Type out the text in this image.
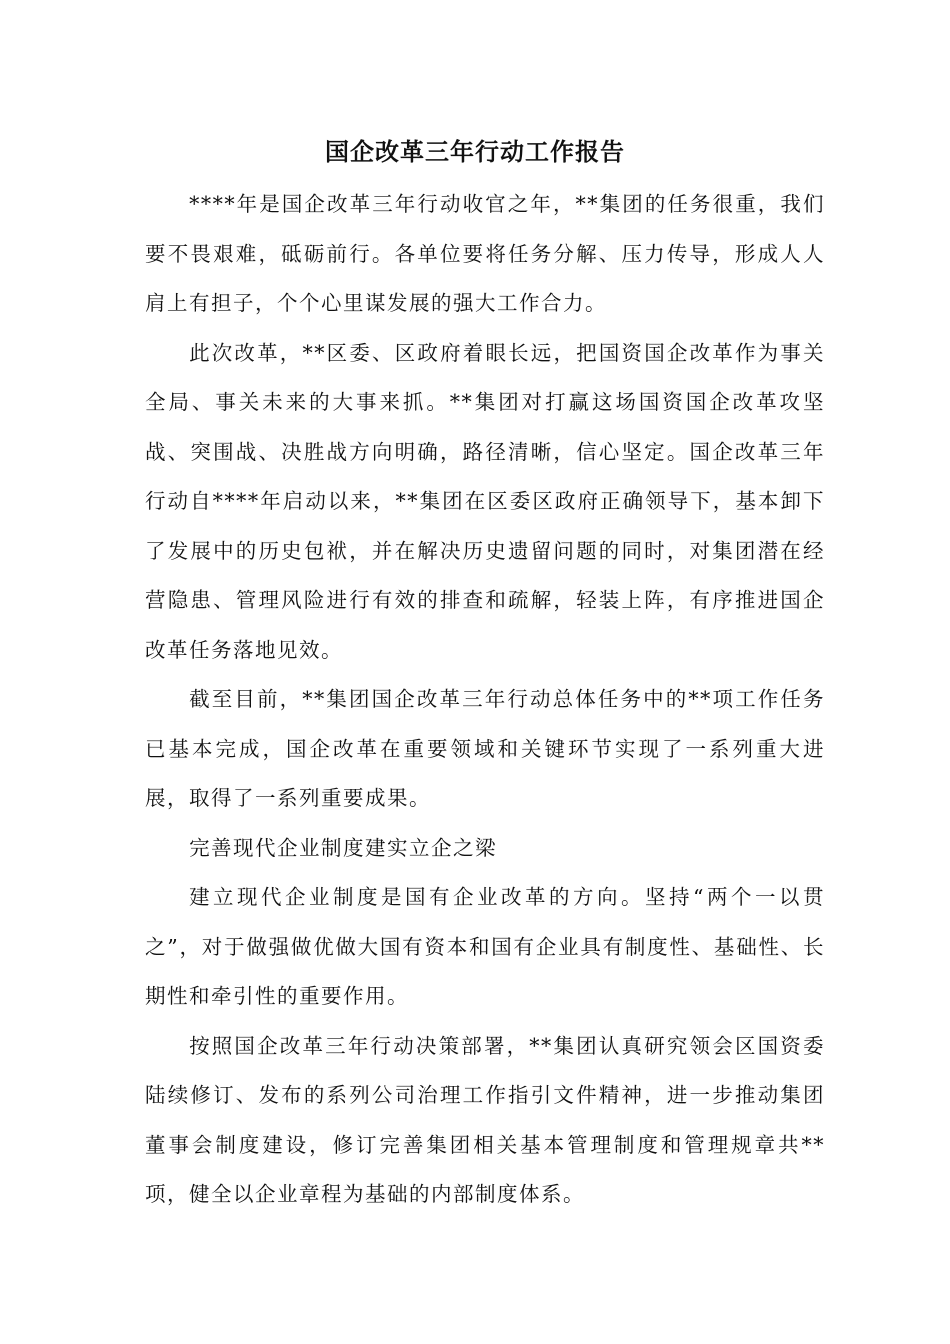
国企改革三年行动工作报告

****年是国企改革三年行动收官之年，**集团的任务很重，我们要不畏艰难，砥砺前行。各单位要将任务分解、压力传导，形成人人肩上有担子，个个心里谋发展的强大工作合力。

此次改革，**区委、区政府着眼长远，把国资国企改革作为事关全局、事关未来的大事来抓。**集团对打赢这场国资国企改革攻坚战、突围战、决胜战方向明确，路径清晰，信心坚定。国企改革三年行动自****年启动以来，**集团在区委区政府正确领导下，基本卸下了发展中的历史包袱，并在解决历史遗留问题的同时，对集团潜在经营隐患、管理风险进行有效的排查和疏解，轻装上阵，有序推进国企改革任务落地见效。

截至目前，**集团国企改革三年行动总体任务中的**项工作任务已基本完成，国企改革在重要领域和关键环节实现了一系列重大进展，取得了一系列重要成果。

完善现代企业制度建实立企之梁

建立现代企业制度是国有企业改革的方向。坚持“两个一以贯之”，对于做强做优做大国有资本和国有企业具有制度性、基础性、长期性和牵引性的重要作用。

按照国企改革三年行动决策部署，**集团认真研究领会区国资委陆续修订、发布的系列公司治理工作指引文件精神，进一步推动集团董事会制度建设，修订完善集团相关基本管理制度和管理规章共**项，健全以企业章程为基础的内部制度体系。
